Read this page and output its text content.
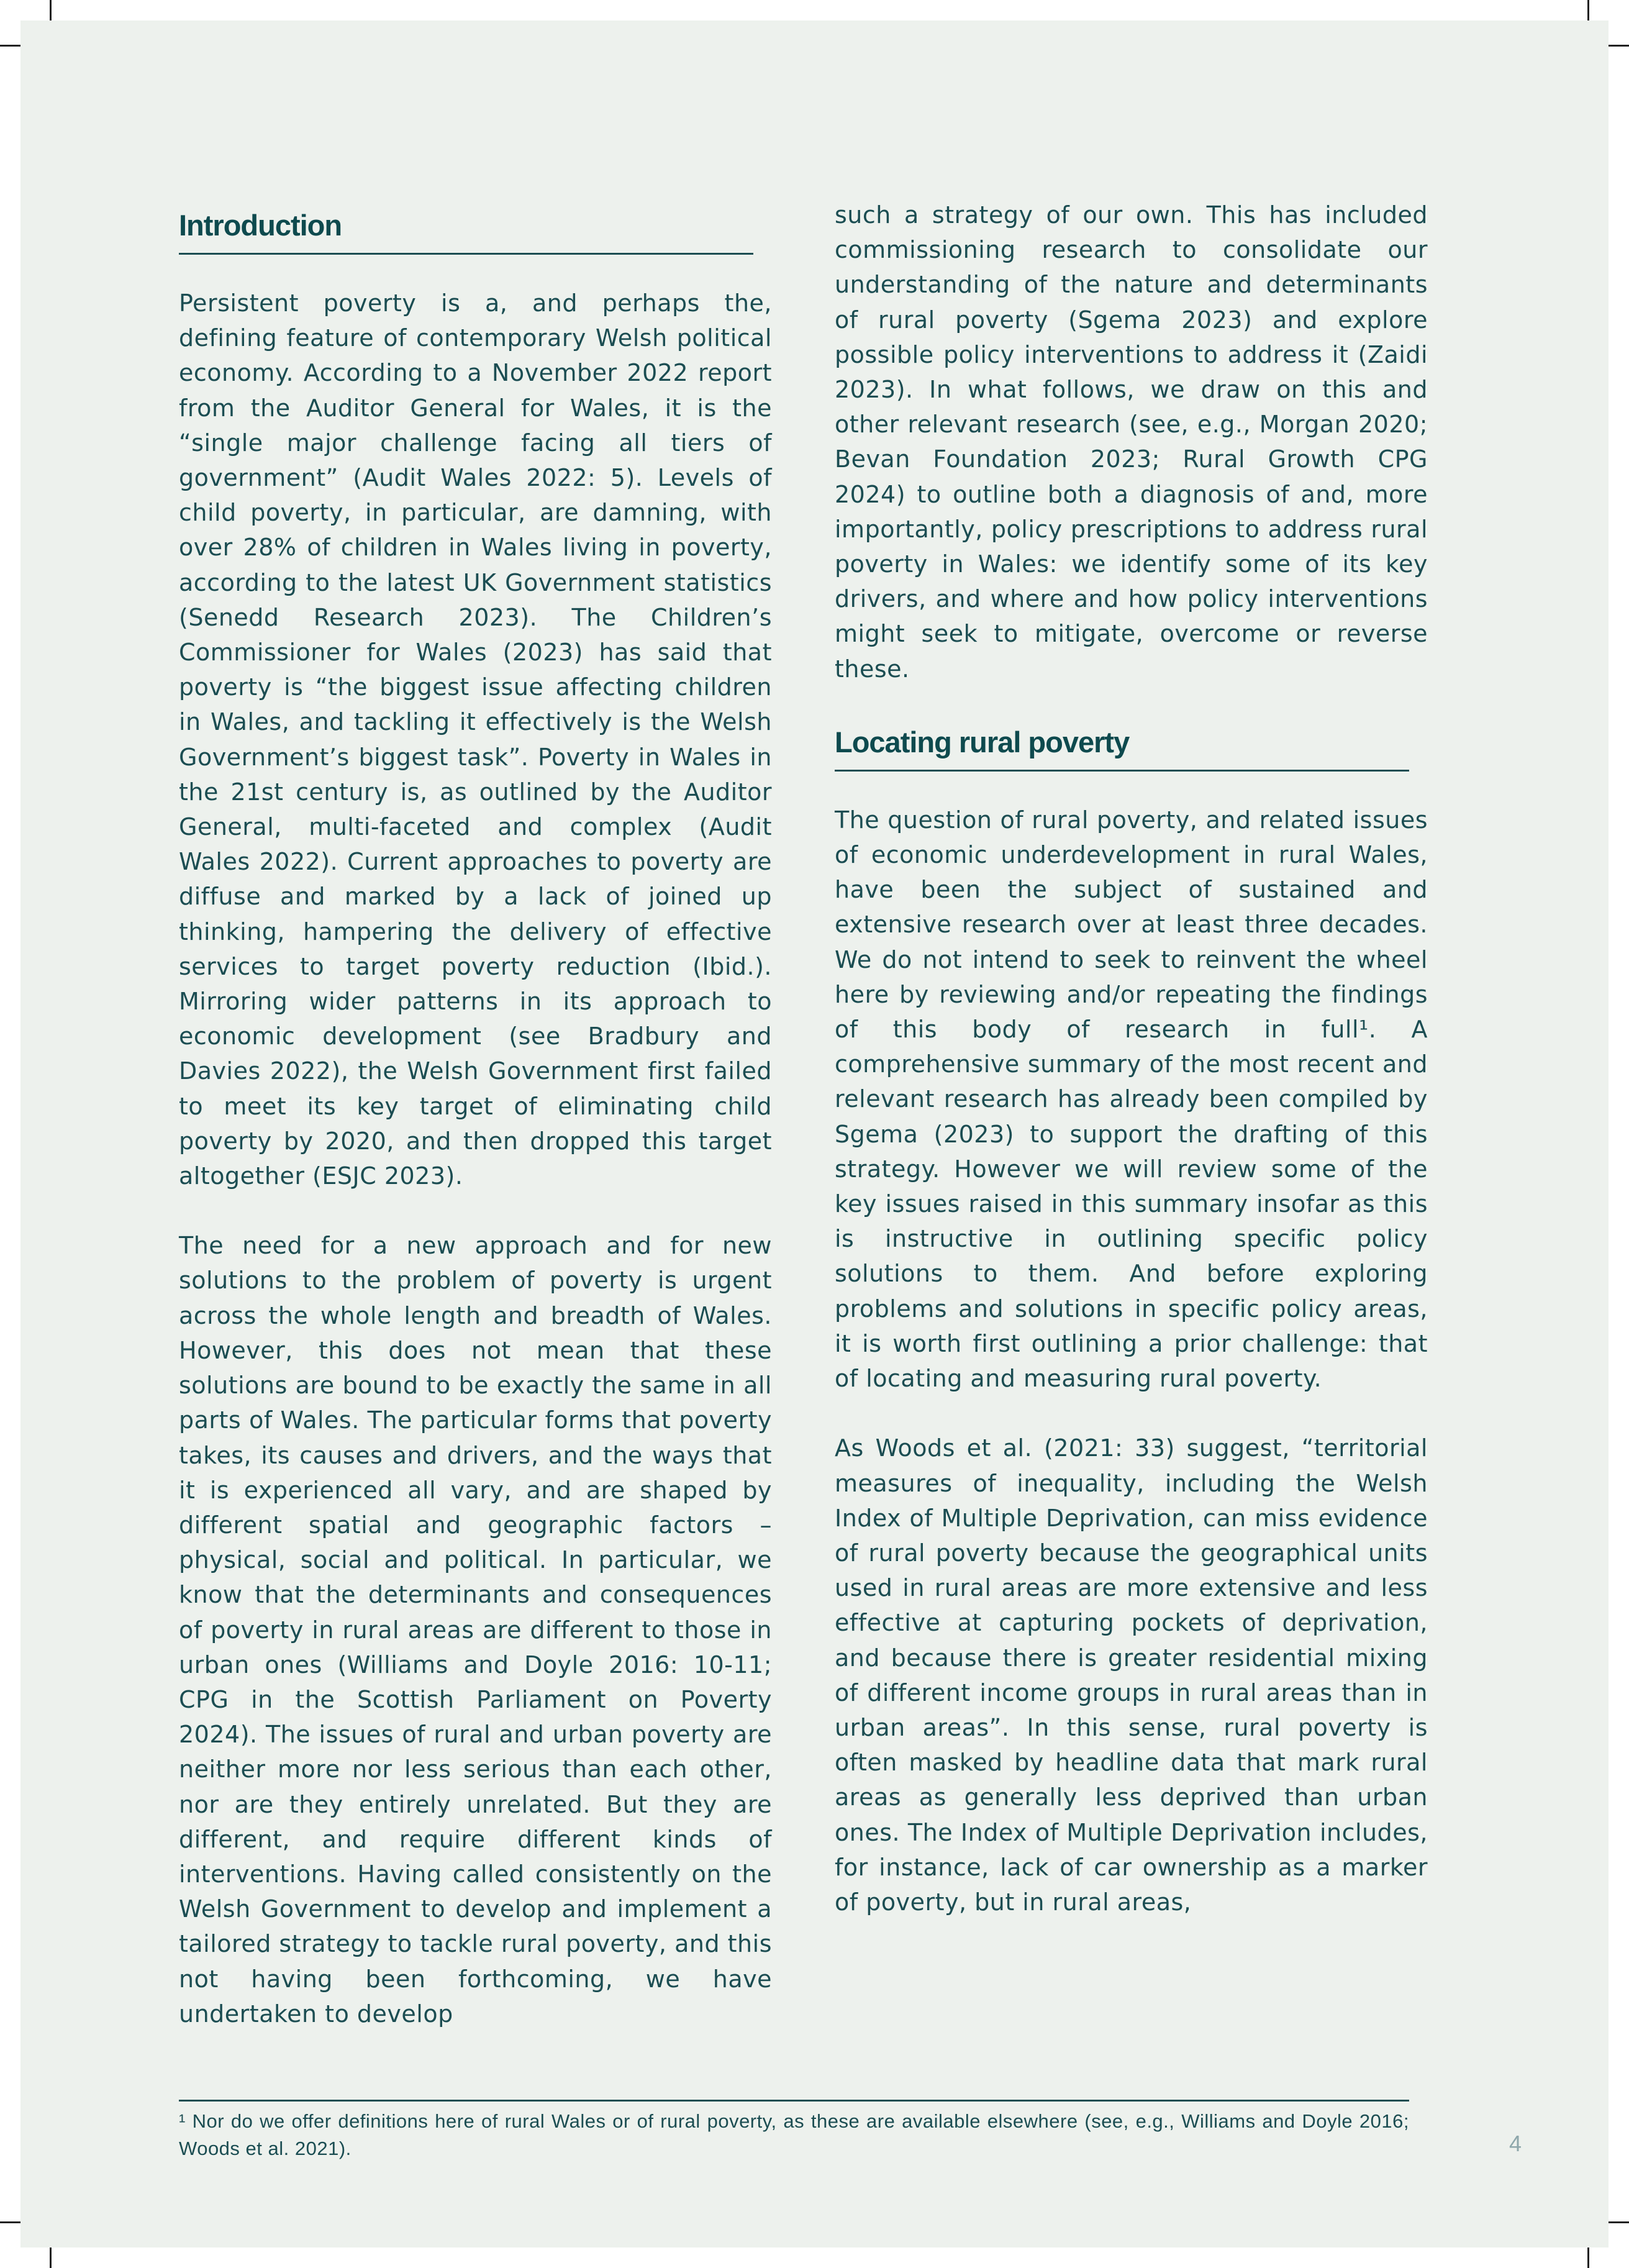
Introduction

Persistent poverty is a, and perhaps the, defining feature of contemporary Welsh political economy. According to a November 2022 report from the Auditor General for Wales, it is the “single major challenge facing all tiers of government” (Audit Wales 2022: 5). Levels of child poverty, in particular, are damning, with over 28% of children in Wales living in poverty, according to the latest UK Government statistics (Senedd Research 2023). The Children’s Commissioner for Wales (2023) has said that poverty is “the biggest issue affecting children in Wales, and tackling it effectively is the Welsh Government’s biggest task”. Poverty in Wales in the 21st century is, as outlined by the Auditor General, multi-faceted and complex (Audit Wales 2022). Current approaches to poverty are diffuse and marked by a lack of joined up thinking, hampering the delivery of effective services to target poverty reduction (Ibid.). Mirroring wider patterns in its approach to economic development (see Bradbury and Davies 2022), the Welsh Government first failed to meet its key target of eliminating child poverty by 2020, and then dropped this target altogether (ESJC 2023).

The need for a new approach and for new solutions to the problem of poverty is urgent across the whole length and breadth of Wales. However, this does not mean that these solutions are bound to be exactly the same in all parts of Wales. The particular forms that poverty takes, its causes and drivers, and the ways that it is experienced all vary, and are shaped by different spatial and geographic factors – physical, social and political. In particular, we know that the determinants and consequences of poverty in rural areas are different to those in urban ones (Williams and Doyle 2016: 10-11; CPG in the Scottish Parliament on Poverty 2024). The issues of rural and urban poverty are neither more nor less serious than each other, nor are they entirely unrelated. But they are different, and require different kinds of interventions. Having called consistently on the Welsh Government to develop and implement a tailored strategy to tackle rural poverty, and this not having been forthcoming, we have undertaken to develop

such a strategy of our own. This has included commissioning research to consolidate our understanding of the nature and determinants of rural poverty (Sgema 2023) and explore possible policy interventions to address it (Zaidi 2023). In what follows, we draw on this and other relevant research (see, e.g., Morgan 2020; Bevan Foundation 2023; Rural Growth CPG 2024) to outline both a diagnosis of and, more importantly, policy prescriptions to address rural poverty in Wales: we identify some of its key drivers, and where and how policy interventions might seek to mitigate, overcome or reverse these.

Locating rural poverty

The question of rural poverty, and related issues of economic underdevelopment in rural Wales, have been the subject of sustained and extensive research over at least three decades. We do not intend to seek to reinvent the wheel here by reviewing and/or repeating the findings of this body of research in full¹. A comprehensive summary of the most recent and relevant research has already been compiled by Sgema (2023) to support the drafting of this strategy. However we will review some of the key issues raised in this summary insofar as this is instructive in outlining specific policy solutions to them. And before exploring problems and solutions in specific policy areas, it is worth first outlining a prior challenge: that of locating and measuring rural poverty.

As Woods et al. (2021: 33) suggest, “territorial measures of inequality, including the Welsh Index of Multiple Deprivation, can miss evidence of rural poverty because the geographical units used in rural areas are more extensive and less effective at capturing pockets of deprivation, and because there is greater residential mixing of different income groups in rural areas than in urban areas”. In this sense, rural poverty is often masked by headline data that mark rural areas as generally less deprived than urban ones. The Index of Multiple Deprivation includes, for instance, lack of car ownership as a marker of poverty, but in rural areas,

¹ Nor do we offer definitions here of rural Wales or of rural poverty, as these are available elsewhere (see, e.g., Williams and Doyle 2016; Woods et al. 2021).	4
